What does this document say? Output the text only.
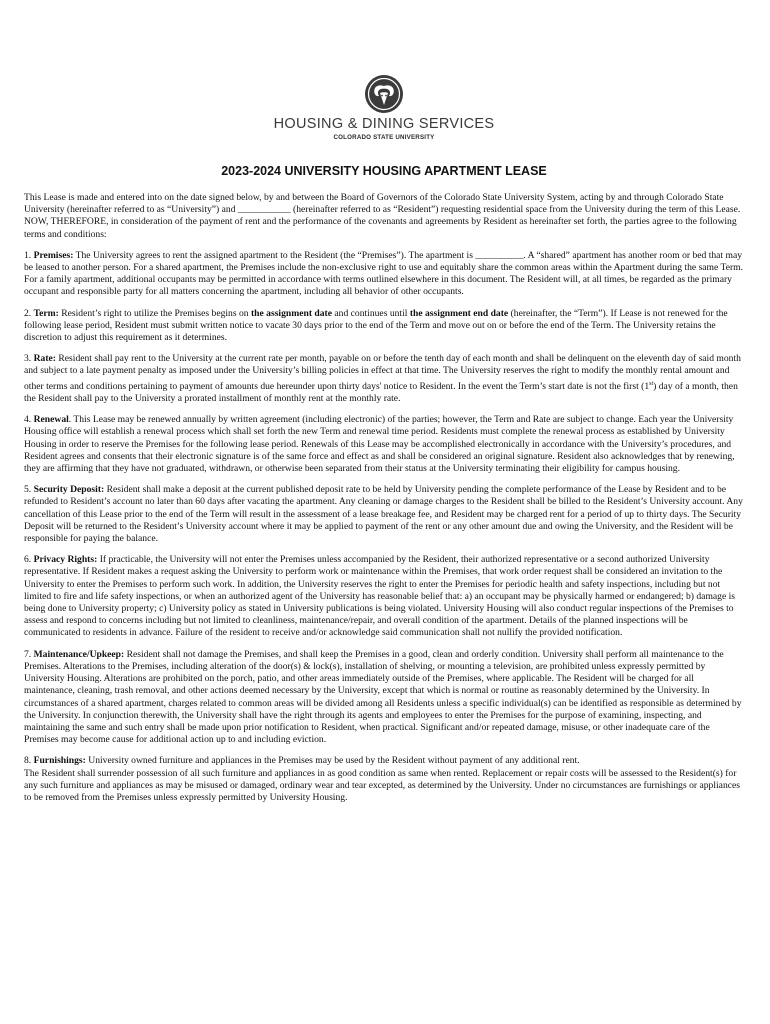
HOUSING & DINING SERVICES
COLORADO STATE UNIVERSITY
2023-2024 UNIVERSITY HOUSING APARTMENT LEASE

This Lease is made and entered into on the date signed below, by and between the Board of Governors of the Colorado State University System, acting by and through Colorado State University (hereinafter referred to as “University”) and ___________ (hereinafter referred to as “Resident”) requesting residential space from the University during the term of this Lease. NOW, THEREFORE, in consideration of the payment of rent and the performance of the covenants and agreements by Resident as hereinafter set forth, the parties agree to the following terms and conditions:

1. Premises: The University agrees to rent the assigned apartment to the Resident (the “Premises”). The apartment is __________. A “shared” apartment has another room or bed that may be leased to another person. For a shared apartment, the Premises include the non-exclusive right to use and equitably share the common areas within the Apartment during the same Term. For a family apartment, additional occupants may be permitted in accordance with terms outlined elsewhere in this document. The Resident will, at all times, be regarded as the primary occupant and responsible party for all matters concerning the apartment, including all behavior of other occupants.

2. Term: Resident’s right to utilize the Premises begins on the assignment date and continues until the assignment end date (hereinafter, the “Term”). If Lease is not renewed for the following lease period, Resident must submit written notice to vacate 30 days prior to the end of the Term and move out on or before the end of the Term. The University retains the discretion to adjust this requirement as it determines.

3. Rate: Resident shall pay rent to the University at the current rate per month, payable on or before the tenth day of each month and shall be delinquent on the eleventh day of said month and subject to a late payment penalty as imposed under the University’s billing policies in effect at that time. The University reserves the right to modify the monthly rental amount and other terms and conditions pertaining to payment of amounts due hereunder upon thirty days' notice to Resident. In the event the Term’s start date is not the first (1st) day of a month, then the Resident shall pay to the University a prorated installment of monthly rent at the monthly rate.

4. Renewal. This Lease may be renewed annually by written agreement (including electronic) of the parties; however, the Term and Rate are subject to change. Each year the University Housing office will establish a renewal process which shall set forth the new Term and renewal time period. Residents must complete the renewal process as established by University Housing in order to reserve the Premises for the following lease period. Renewals of this Lease may be accomplished electronically in accordance with the University’s procedures, and Resident agrees and consents that their electronic signature is of the same force and effect as and shall be considered an original signature. Resident also acknowledges that by renewing, they are affirming that they have not graduated, withdrawn, or otherwise been separated from their status at the University terminating their eligibility for campus housing.

5. Security Deposit: Resident shall make a deposit at the current published deposit rate to be held by University pending the complete performance of the Lease by Resident and to be refunded to Resident’s account no later than 60 days after vacating the apartment. Any cleaning or damage charges to the Resident shall be billed to the Resident’s University account. Any cancellation of this Lease prior to the end of the Term will result in the assessment of a lease breakage fee, and Resident may be charged rent for a period of up to thirty days. The Security Deposit will be returned to the Resident’s University account where it may be applied to payment of the rent or any other amount due and owing the University, and the Resident will be responsible for paying the balance.

6. Privacy Rights: If practicable, the University will not enter the Premises unless accompanied by the Resident, their authorized representative or a second authorized University representative. If Resident makes a request asking the University to perform work or maintenance within the Premises, that work order request shall be considered an invitation to the University to enter the Premises to perform such work. In addition, the University reserves the right to enter the Premises for periodic health and safety inspections, including but not limited to fire and life safety inspections, or when an authorized agent of the University has reasonable belief that: a) an occupant may be physically harmed or endangered; b) damage is being done to University property; c) University policy as stated in University publications is being violated. University Housing will also conduct regular inspections of the Premises to assess and respond to concerns including but not limited to cleanliness, maintenance/repair, and overall condition of the apartment. Details of the planned inspections will be communicated to residents in advance. Failure of the resident to receive and/or acknowledge said communication shall not nullify the provided notification.

7. Maintenance/Upkeep: Resident shall not damage the Premises, and shall keep the Premises in a good, clean and orderly condition. University shall perform all maintenance to the Premises. Alterations to the Premises, including alteration of the door(s) & lock(s), installation of shelving, or mounting a television, are prohibited unless expressly permitted by University Housing. Alterations are prohibited on the porch, patio, and other areas immediately outside of the Premises, where applicable. The Resident will be charged for all maintenance, cleaning, trash removal, and other actions deemed necessary by the University, except that which is normal or routine as reasonably determined by the University. In circumstances of a shared apartment, charges related to common areas will be divided among all Residents unless a specific individual(s) can be identified as responsible as determined by the University. In conjunction therewith, the University shall have the right through its agents and employees to enter the Premises for the purpose of examining, inspecting, and maintaining the same and such entry shall be made upon prior notification to Resident, when practical. Significant and/or repeated damage, misuse, or other inadequate care of the Premises may become cause for additional action up to and including eviction.

8. Furnishings: University owned furniture and appliances in the Premises may be used by the Resident without payment of any additional rent.
The Resident shall surrender possession of all such furniture and appliances in as good condition as same when rented. Replacement or repair costs will be assessed to the Resident(s) for any such furniture and appliances as may be misused or damaged, ordinary wear and tear excepted, as determined by the University. Under no circumstances are furnishings or appliances to be removed from the Premises unless expressly permitted by University Housing.
